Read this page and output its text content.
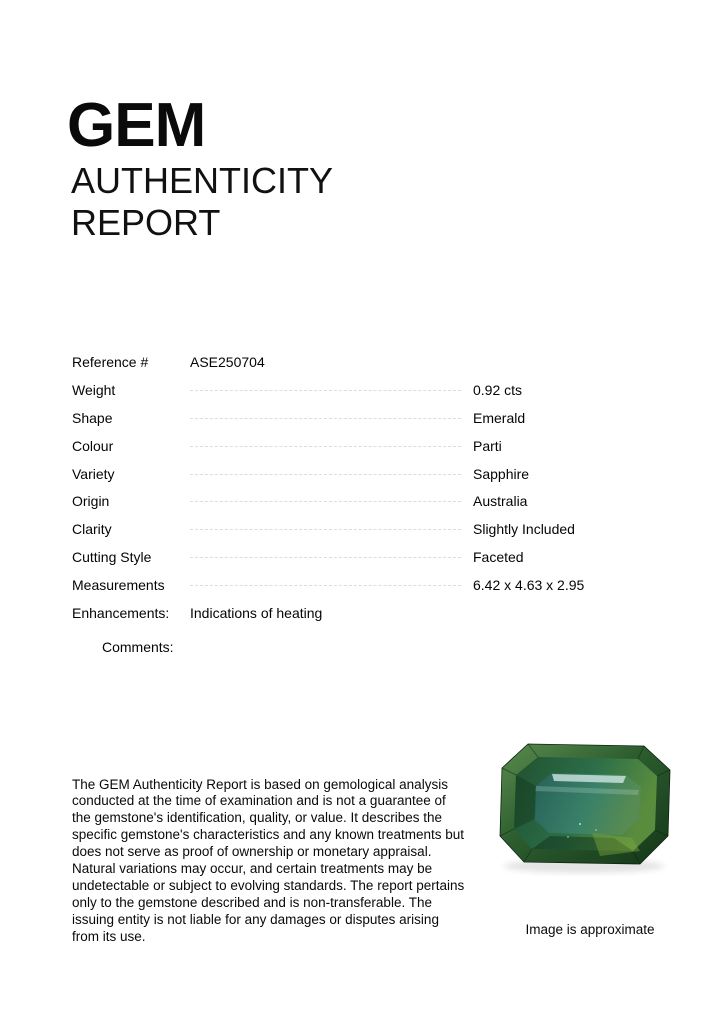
GEM
AUTHENTICITY
REPORT
Reference #	ASE250704
Weight	0.92 cts
Shape	Emerald
Colour	Parti
Variety	Sapphire
Origin	Australia
Clarity	Slightly Included
Cutting Style	Faceted
Measurements	6.42 x 4.63 x 2.95
Enhancements:	Indications of heating
Comments:

The GEM Authenticity Report is based on gemological analysis conducted at the time of examination and is not a guarantee of the gemstone's identification, quality, or value. It describes the specific gemstone's characteristics and any known treatments but does not serve as proof of ownership or monetary appraisal. Natural variations may occur, and certain treatments may be undetectable or subject to evolving standards. The report pertains only to the gemstone described and is non-transferable. The issuing entity is not liable for any damages or disputes arising from its use.	Image is approximate
